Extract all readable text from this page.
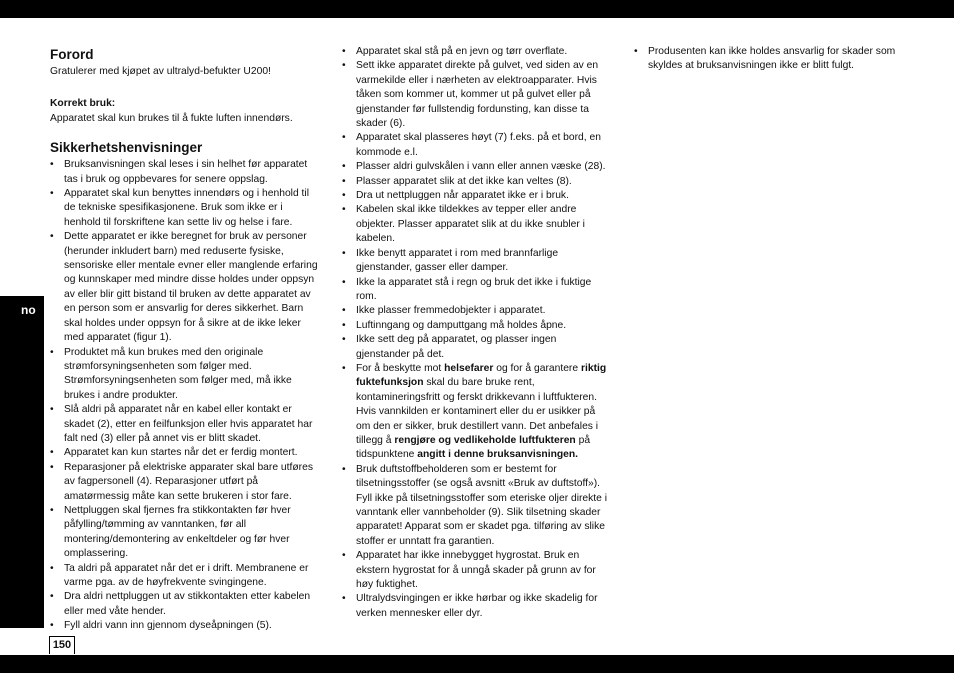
no

Forord

Gratulerer med kjøpet av ultralyd-befukter U200!

Korrekt bruk:

Apparatet skal kun brukes til å fukte luften innendørs.

Sikkerhetshenvisninger

• Bruksanvisningen skal leses i sin helhet før apparatet tas i bruk og oppbevares for senere oppslag.
• Apparatet skal kun benyttes innendørs og i henhold til de tekniske spesifikasjonene. Bruk som ikke er i henhold til forskriftene kan sette liv og helse i fare.
• Dette apparatet er ikke beregnet for bruk av personer (herunder inkludert barn) med reduserte fysiske, sensoriske eller mentale evner eller manglende erfaring og kunnskaper med mindre disse holdes under oppsyn av eller blir gitt bistand til bruken av dette apparatet av en person som er ansvarlig for deres sikkerhet. Barn skal holdes under oppsyn for å sikre at de ikke leker med apparatet (figur 1).
• Produktet må kun brukes med den originale strømforsyningsenheten som følger med. Strømforsyningsenheten som følger med, må ikke brukes i andre produkter.
• Slå aldri på apparatet når en kabel eller kontakt er skadet (2), etter en feilfunksjon eller hvis apparatet har falt ned (3) eller på annet vis er blitt skadet.
• Apparatet kan kun startes når det er ferdig montert.
• Reparasjoner på elektriske apparater skal bare utføres av fagpersonell (4). Reparasjoner utført på amatørmessig måte kan sette brukeren i stor fare.
• Nettpluggen skal fjernes fra stikkontakten før hver påfylling/tømming av vanntanken, før all montering/demontering av enkeltdeler og før hver omplassering.
• Ta aldri på apparatet når det er i drift. Membranene er varme pga. av de høyfrekvente svingingene.
• Dra aldri nettpluggen ut av stikkontakten etter kabelen eller med våte hender.
• Fyll aldri vann inn gjennom dyseåpningen (5).
• Apparatet skal stå på en jevn og tørr overflate.
• Sett ikke apparatet direkte på gulvet, ved siden av en varmekilde eller i nærheten av elektroapparater. Hvis tåken som kommer ut, kommer ut på gulvet eller på gjenstander før fullstendig fordunsting, kan disse ta skader (6).
• Apparatet skal plasseres høyt (7) f.eks. på et bord, en kommode e.l.
• Plasser aldri gulvskålen i vann eller annen væske (28).
• Plasser apparatet slik at det ikke kan veltes (8).
• Dra ut nettpluggen når apparatet ikke er i bruk.
• Kabelen skal ikke tildekkes av tepper eller andre objekter. Plasser apparatet slik at du ikke snubler i kabelen.
• Ikke benytt apparatet i rom med brannfarlige gjenstander, gasser eller damper.
• Ikke la apparatet stå i regn og bruk det ikke i fuktige rom.
• Ikke plasser fremmedobjekter i apparatet.
• Luftinngang og damputtgang må holdes åpne.
• Ikke sett deg på apparatet, og plasser ingen gjenstander på det.
• For å beskytte mot helsefarer og for å garantere riktig fuktefunksjon skal du bare bruke rent, kontamineringsfritt og ferskt drikkevann i luftfukteren. Hvis vannkilden er kontaminert eller du er usikker på om den er sikker, bruk destillert vann. Det anbefales i tillegg å rengjøre og vedlikeholde luftfukteren på tidspunktene angitt i denne bruksanvisningen.
• Bruk duftstoffbeholderen som er bestemt for tilsetningsstoffer (se også avsnitt «Bruk av duftstoff»). Fyll ikke på tilsetningsstoffer som eteriske oljer direkte i vanntank eller vannbeholder (9). Slik tilsetning skader apparatet! Apparat som er skadet pga. tilføring av slike stoffer er unntatt fra garantien.
• Apparatet har ikke innebygget hygrostat. Bruk en ekstern hygrostat for å unngå skader på grunn av for høy fuktighet.
• Ultralydsvingingen er ikke hørbar og ikke skadelig for verken mennesker eller dyr.
• Produsenten kan ikke holdes ansvarlig for skader som skyldes at bruksanvisningen ikke er blitt fulgt.
150
